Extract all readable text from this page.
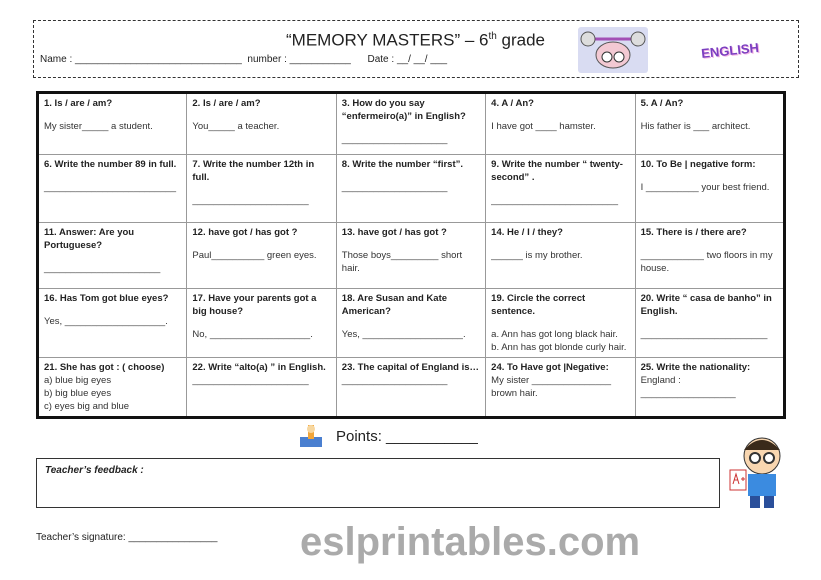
“MEMORY MASTERS” – 6th grade
Name : ______________________________  number : ___________      Date : __/ __/ ___	ENGLISH
1. Is / are / am?
My sister_____ a student.	2. Is / are / am?
You_____ a teacher.	3. How do you say “enfermeiro(a)” in English?
____________________	4. A / An?
I have got ____ hamster.	5. A / An?
His father is ___ architect.

6. Write the number 89 in full.
_________________________	7. Write the number 12th in full.
______________________	8. Write the number “first”.
____________________	9. Write the number “ twenty-second” .
________________________	10. To Be | negative form:
I __________ your best friend.

11. Answer: Are you Portuguese?
______________________	12. have got / has got ?
Paul__________ green eyes.	13. have got / has got ?
Those boys_________ short hair.	14. He / I / they?
______ is my brother.	15. There is / there are?
____________ two floors in my house.

16. Has Tom got blue eyes?
Yes, ___________________.	17. Have your parents got a big house?
No, ___________________.	18. Are Susan and Kate American?
Yes, ___________________.	19. Circle the correct sentence.
a. Ann has got long black hair.
b. Ann has got blonde curly hair.	20. Write “ casa de banho” in English.
________________________

21. She has got : ( choose)
a) blue big eyes
b) big blue eyes
c) eyes big and blue	22. Write “alto(a) ” in English.
______________________	23. The capital of England is…
____________________	24. To Have got |Negative:
My sister _______________ brown hair.	25. Write the nationality:
England : __________________
Points: ___________
Teacher’s feedback :
Teacher’s signature: ________________ eslprintables.com
